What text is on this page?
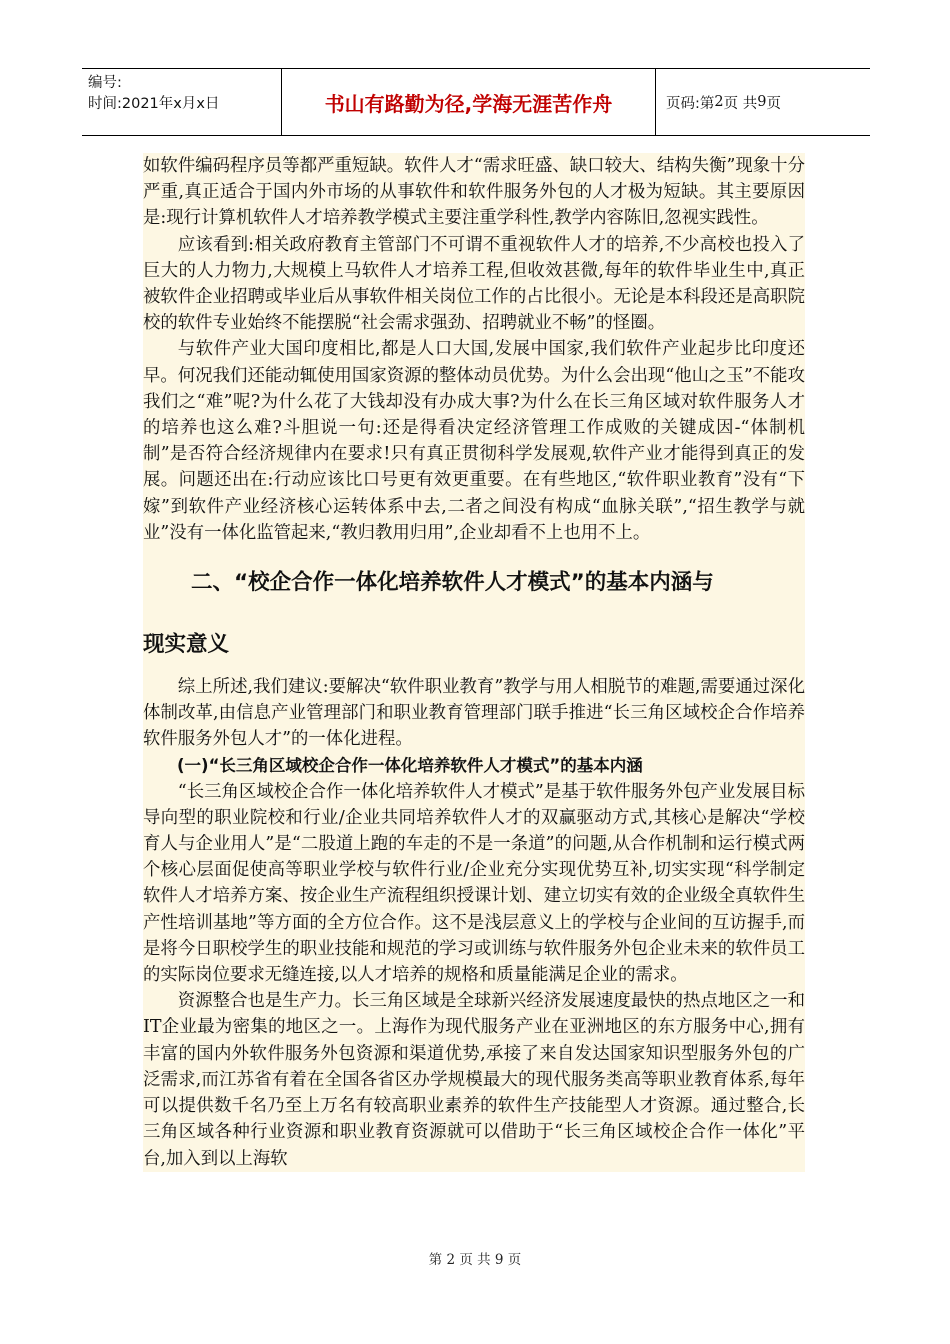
编号:
时间:2021年x月x日	书山有路勤为径,学海无涯苦作舟	页码:第 2 页 共 9 页

如软件编码程序员等都严重短缺。软件人才“需求旺盛、缺口较大、结构失衡”现象十分严重,真正适合于国内外市场的从事软件和软件服务外包的人才极为短缺。其主要原因是:现行计算机软件人才培养教学模式主要注重学科性,教学内容陈旧,忽视实践性。

应该看到:相关政府教育主管部门不可谓不重视软件人才的培养,不少高校也投入了巨大的人力物力,大规模上马软件人才培养工程,但收效甚微,每年的软件毕业生中,真正被软件企业招聘或毕业后从事软件相关岗位工作的占比很小。无论是本科段还是高职院校的软件专业始终不能摆脱“社会需求强劲、招聘就业不畅”的怪圈。

与软件产业大国印度相比,都是人口大国,发展中国家,我们软件产业起步比印度还早。何况我们还能动辄使用国家资源的整体动员优势。为什么会出现“他山之玉”不能攻我们之“难”呢?为什么花了大钱却没有办成大事?为什么在长三角区域对软件服务人才的培养也这么难?斗胆说一句:还是得看决定经济管理工作成败的关键成因-“体制机制”是否符合经济规律内在要求!只有真正贯彻科学发展观,软件产业才能得到真正的发展。问题还出在:行动应该比口号更有效更重要。在有些地区,“软件职业教育”没有“下嫁”到软件产业经济核心运转体系中去,二者之间没有构成“血脉关联”,“招生教学与就业”没有一体化监管起来,“教归教用归用”,企业却看不上也用不上。

二、“校企合作一体化培养软件人才模式”的基本内涵与
现实意义

综上所述,我们建议:要解决“软件职业教育”教学与用人相脱节的难题,需要通过深化体制改革,由信息产业管理部门和职业教育管理部门联手推进“长三角区域校企合作培养软件服务外包人才”的一体化进程。

(一)“长三角区域校企合作一体化培养软件人才模式”的基本内涵

“长三角区域校企合作一体化培养软件人才模式”是基于软件服务外包产业发展目标导向型的职业院校和行业/企业共同培养软件人才的双赢驱动方式,其核心是解决“学校育人与企业用人”是“二股道上跑的车走的不是一条道”的问题,从合作机制和运行模式两个核心层面促使高等职业学校与软件行业/企业充分实现优势互补,切实实现“科学制定软件人才培养方案、按企业生产流程组织授课计划、建立切实有效的企业级全真软件生产性培训基地”等方面的全方位合作。这不是浅层意义上的学校与企业间的互访握手,而是将今日职校学生的职业技能和规范的学习或训练与软件服务外包企业未来的软件员工的实际岗位要求无缝连接,以人才培养的规格和质量能满足企业的需求。

资源整合也是生产力。长三角区域是全球新兴经济发展速度最快的热点地区之一和IT企业最为密集的地区之一。上海作为现代服务产业在亚洲地区的东方服务中心,拥有丰富的国内外软件服务外包资源和渠道优势,承接了来自发达国家知识型服务外包的广泛需求,而江苏省有着在全国各省区办学规模最大的现代服务类高等职业教育体系,每年可以提供数千名乃至上万名有较高职业素养的软件生产技能型人才资源。通过整合,长三角区域各种行业资源和职业教育资源就可以借助于“长三角区域校企合作一体化”平台,加入到以上海软

第 2 页 共 9 页
